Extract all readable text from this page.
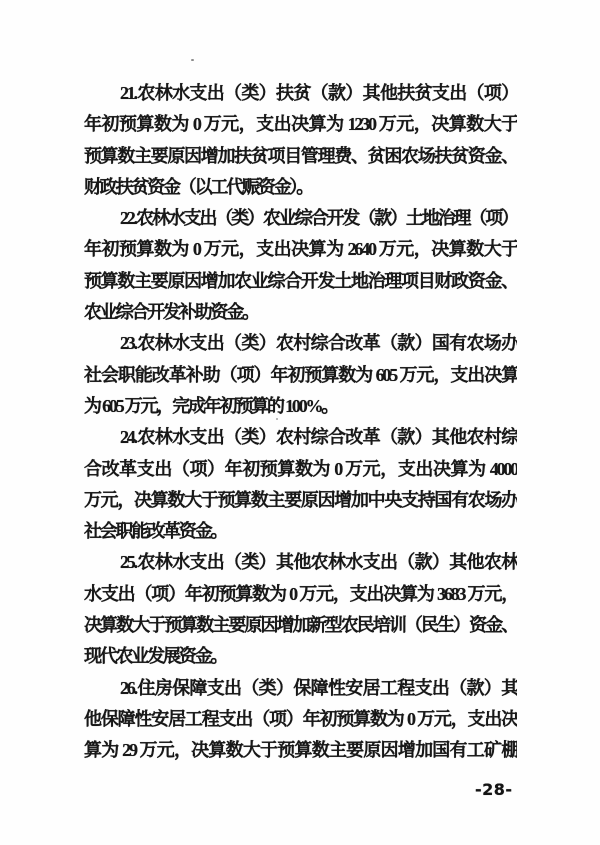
21.农林水支出（类）扶贫（款）其他扶贫支出（项）
年初预算数为 0 万元，支出决算为 1230 万元，决算数大于
预算数主要原因增加扶贫项目管理费、贫困农场扶贫资金、
财政扶贫资金（以工代赈资金）。
22.农林水支出（类）农业综合开发（款）土地治理（项）
年初预算数为 0 万元，支出决算为 2640 万元，决算数大于
预算数主要原因增加农业综合开发土地治理项目财政资金、
农业综合开发补助资金。
23.农林水支出（类）农村综合改革（款）国有农场办
社会职能改革补助（项）年初预算数为 605 万元，支出决算
为 605 万元，完成年初预算的 100%。
24.农林水支出（类）农村综合改革（款）其他农村综
合改革支出（项）年初预算数为 0 万元，支出决算为 4000
万元，决算数大于预算数主要原因增加中央支持国有农场办
社会职能改革资金。
25.农林水支出（类）其他农林水支出（款）其他农林
水支出（项）年初预算数为 0 万元，支出决算为 3683 万元，
决算数大于预算数主要原因增加新型农民培训（民生）资金、
现代农业发展资金。
26.住房保障支出（类）保障性安居工程支出（款）其
他保障性安居工程支出（项）年初预算数为 0 万元，支出决
算为 29 万元，决算数大于预算数主要原因增加国有工矿棚
-28-
